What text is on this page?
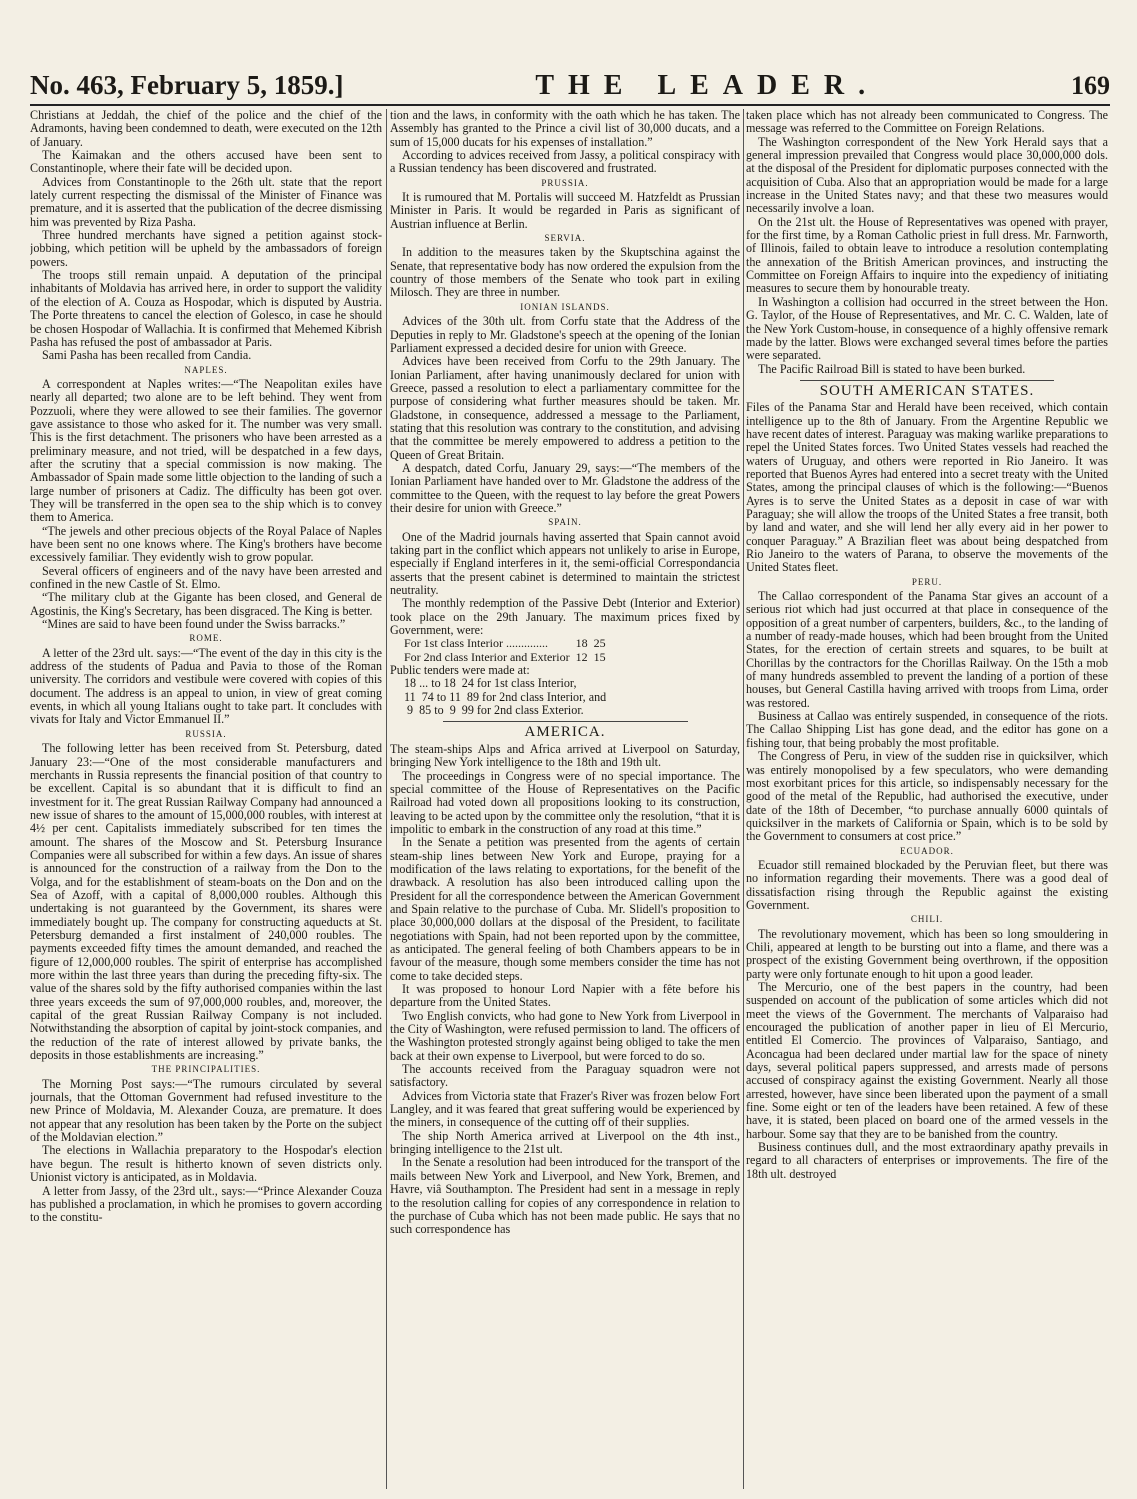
No. 463, February 5, 1859.]	THE LEADER.	169

Christians at Jeddah, the chief of the police and the chief of the Adramonts, having been condemned to death, were executed on the 12th of January.

The Kaimakan and the others accused have been sent to Constantinople, where their fate will be decided upon.

Advices from Constantinople to the 26th ult. state that the report lately current respecting the dismissal of the Minister of Finance was premature, and it is asserted that the publication of the decree dismissing him was prevented by Riza Pasha.

Three hundred merchants have signed a petition against stock-jobbing, which petition will be upheld by the ambassadors of foreign powers.

The troops still remain unpaid. A deputation of the principal inhabitants of Moldavia has arrived here, in order to support the validity of the election of A. Couza as Hospodar, which is disputed by Austria. The Porte threatens to cancel the election of Golesco, in case he should be chosen Hospodar of Wallachia. It is confirmed that Mehemed Kibrish Pasha has refused the post of ambassador at Paris.

Sami Pasha has been recalled from Candia.

NAPLES.

A correspondent at Naples writes:—“The Neapolitan exiles have nearly all departed; two alone are to be left behind. They went from Pozzuoli, where they were allowed to see their families. The governor gave assistance to those who asked for it. The number was very small. This is the first detachment. The prisoners who have been arrested as a preliminary measure, and not tried, will be despatched in a few days, after the scrutiny that a special commission is now making. The Ambassador of Spain made some little objection to the landing of such a large number of prisoners at Cadiz. The difficulty has been got over. They will be transferred in the open sea to the ship which is to convey them to America.

“The jewels and other precious objects of the Royal Palace of Naples have been sent no one knows where. The King's brothers have become excessively familiar. They evidently wish to grow popular.

Several officers of engineers and of the navy have been arrested and confined in the new Castle of St. Elmo.

“The military club at the Gigante has been closed, and General de Agostinis, the King's Secretary, has been disgraced. The King is better.

“Mines are said to have been found under the Swiss barracks.”

ROME.

A letter of the 23rd ult. says:—“The event of the day in this city is the address of the students of Padua and Pavia to those of the Roman university. The corridors and vestibule were covered with copies of this document. The address is an appeal to union, in view of great coming events, in which all young Italians ought to take part. It concludes with vivats for Italy and Victor Emmanuel II.”

RUSSIA.

The following letter has been received from St. Petersburg, dated January 23:—“One of the most considerable manufacturers and merchants in Russia represents the financial position of that country to be excellent. Capital is so abundant that it is difficult to find an investment for it. The great Russian Railway Company had announced a new issue of shares to the amount of 15,000,000 roubles, with interest at 4½ per cent. Capitalists immediately subscribed for ten times the amount. The shares of the Moscow and St. Petersburg Insurance Companies were all subscribed for within a few days. An issue of shares is announced for the construction of a railway from the Don to the Volga, and for the establishment of steam-boats on the Don and on the Sea of Azoff, with a capital of 8,000,000 roubles. Although this undertaking is not guaranteed by the Government, its shares were immediately bought up. The company for constructing aqueducts at St. Petersburg demanded a first instalment of 240,000 roubles. The payments exceeded fifty times the amount demanded, and reached the figure of 12,000,000 roubles. The spirit of enterprise has accomplished more within the last three years than during the preceding fifty-six. The value of the shares sold by the fifty authorised companies within the last three years exceeds the sum of 97,000,000 roubles, and, moreover, the capital of the great Russian Railway Company is not included. Notwithstanding the absorption of capital by joint-stock companies, and the reduction of the rate of interest allowed by private banks, the deposits in those establishments are increasing.”

THE PRINCIPALITIES.

The Morning Post says:—“The rumours circulated by several journals, that the Ottoman Government had refused investiture to the new Prince of Moldavia, M. Alexander Couza, are premature. It does not appear that any resolution has been taken by the Porte on the subject of the Moldavian election.”

The elections in Wallachia preparatory to the Hospodar's election have begun. The result is hitherto known of seven districts only. Unionist victory is anticipated, as in Moldavia.

A letter from Jassy, of the 23rd ult., says:—“Prince Alexander Couza has published a proclamation, in which he promises to govern according to the constitu-

tion and the laws, in conformity with the oath which he has taken. The Assembly has granted to the Prince a civil list of 30,000 ducats, and a sum of 15,000 ducats for his expenses of installation.”

According to advices received from Jassy, a political conspiracy with a Russian tendency has been discovered and frustrated.

PRUSSIA.

It is rumoured that M. Portalis will succeed M. Hatzfeldt as Prussian Minister in Paris. It would be regarded in Paris as significant of Austrian influence at Berlin.

SERVIA.

In addition to the measures taken by the Skuptschina against the Senate, that representative body has now ordered the expulsion from the country of those members of the Senate who took part in exiling Milosch. They are three in number.

IONIAN ISLANDS.

Advices of the 30th ult. from Corfu state that the Address of the Deputies in reply to Mr. Gladstone's speech at the opening of the Ionian Parliament expressed a decided desire for union with Greece.

Advices have been received from Corfu to the 29th January. The Ionian Parliament, after having unanimously declared for union with Greece, passed a resolution to elect a parliamentary committee for the purpose of considering what further measures should be taken. Mr. Gladstone, in consequence, addressed a message to the Parliament, stating that this resolution was contrary to the constitution, and advising that the committee be merely empowered to address a petition to the Queen of Great Britain.

A despatch, dated Corfu, January 29, says:—“The members of the Ionian Parliament have handed over to Mr. Gladstone the address of the committee to the Queen, with the request to lay before the great Powers their desire for union with Greece.”

SPAIN.

One of the Madrid journals having asserted that Spain cannot avoid taking part in the conflict which appears not unlikely to arise in Europe, especially if England interferes in it, the semi-official Correspondancia asserts that the present cabinet is determined to maintain the strictest neutrality.

The monthly redemption of the Passive Debt (Interior and Exterior) took place on the 29th January. The maximum prices fixed by Government, were:

For 1st class Interior ..............	18	25
For 2nd class Interior and Exterior	12	15

Public tenders were made at:

18 ... to 18  24 for 1st class Interior,

11  74 to 11  89 for 2nd class Interior, and

9  85 to  9  99 for 2nd class Exterior.

AMERICA.

The steam-ships Alps and Africa arrived at Liverpool on Saturday, bringing New York intelligence to the 18th and 19th ult.

The proceedings in Congress were of no special importance. The special committee of the House of Representatives on the Pacific Railroad had voted down all propositions looking to its construction, leaving to be acted upon by the committee only the resolution, “that it is impolitic to embark in the construction of any road at this time.”

In the Senate a petition was presented from the agents of certain steam-ship lines between New York and Europe, praying for a modification of the laws relating to exportations, for the benefit of the drawback. A resolution has also been introduced calling upon the President for all the correspondence between the American Government and Spain relative to the purchase of Cuba. Mr. Slidell's proposition to place 30,000,000 dollars at the disposal of the President, to facilitate negotiations with Spain, had not been reported upon by the committee, as anticipated. The general feeling of both Chambers appears to be in favour of the measure, though some members consider the time has not come to take decided steps.

It was proposed to honour Lord Napier with a fête before his departure from the United States.

Two English convicts, who had gone to New York from Liverpool in the City of Washington, were refused permission to land. The officers of the Washington protested strongly against being obliged to take the men back at their own expense to Liverpool, but were forced to do so.

The accounts received from the Paraguay squadron were not satisfactory.

Advices from Victoria state that Frazer's River was frozen below Fort Langley, and it was feared that great suffering would be experienced by the miners, in consequence of the cutting off of their supplies.

The ship North America arrived at Liverpool on the 4th inst., bringing intelligence to the 21st ult.

In the Senate a resolution had been introduced for the transport of the mails between New York and Liverpool, and New York, Bremen, and Havre, viâ Southampton. The President had sent in a message in reply to the resolution calling for copies of any correspondence in relation to the purchase of Cuba which has not been made public. He says that no such correspondence has

taken place which has not already been communicated to Congress. The message was referred to the Committee on Foreign Relations.

The Washington correspondent of the New York Herald says that a general impression prevailed that Congress would place 30,000,000 dols. at the disposal of the President for diplomatic purposes connected with the acquisition of Cuba. Also that an appropriation would be made for a large increase in the United States navy; and that these two measures would necessarily involve a loan.

On the 21st ult. the House of Representatives was opened with prayer, for the first time, by a Roman Catholic priest in full dress. Mr. Farnworth, of Illinois, failed to obtain leave to introduce a resolution contemplating the annexation of the British American provinces, and instructing the Committee on Foreign Affairs to inquire into the expediency of initiating measures to secure them by honourable treaty.

In Washington a collision had occurred in the street between the Hon. G. Taylor, of the House of Representatives, and Mr. C. C. Walden, late of the New York Custom-house, in consequence of a highly offensive remark made by the latter. Blows were exchanged several times before the parties were separated.

The Pacific Railroad Bill is stated to have been burked.

SOUTH AMERICAN STATES.

Files of the Panama Star and Herald have been received, which contain intelligence up to the 8th of January. From the Argentine Republic we have recent dates of interest. Paraguay was making warlike preparations to repel the United States forces. Two United States vessels had reached the waters of Uruguay, and others were reported in Rio Janeiro. It was reported that Buenos Ayres had entered into a secret treaty with the United States, among the principal clauses of which is the following:—“Buenos Ayres is to serve the United States as a deposit in case of war with Paraguay; she will allow the troops of the United States a free transit, both by land and water, and she will lend her ally every aid in her power to conquer Paraguay.” A Brazilian fleet was about being despatched from Rio Janeiro to the waters of Parana, to observe the movements of the United States fleet.

PERU.

The Callao correspondent of the Panama Star gives an account of a serious riot which had just occurred at that place in consequence of the opposition of a great number of carpenters, builders, &c., to the landing of a number of ready-made houses, which had been brought from the United States, for the erection of certain streets and squares, to be built at Chorillas by the contractors for the Chorillas Railway. On the 15th a mob of many hundreds assembled to prevent the landing of a portion of these houses, but General Castilla having arrived with troops from Lima, order was restored.

Business at Callao was entirely suspended, in consequence of the riots. The Callao Shipping List has gone dead, and the editor has gone on a fishing tour, that being probably the most profitable.

The Congress of Peru, in view of the sudden rise in quicksilver, which was entirely monopolised by a few speculators, who were demanding most exorbitant prices for this article, so indispensably necessary for the good of the metal of the Republic, had authorised the executive, under date of the 18th of December, “to purchase annually 6000 quintals of quicksilver in the markets of California or Spain, which is to be sold by the Government to consumers at cost price.”

ECUADOR.

Ecuador still remained blockaded by the Peruvian fleet, but there was no information regarding their movements. There was a good deal of dissatisfaction rising through the Republic against the existing Government.

CHILI.

The revolutionary movement, which has been so long smouldering in Chili, appeared at length to be bursting out into a flame, and there was a prospect of the existing Government being overthrown, if the opposition party were only fortunate enough to hit upon a good leader.

The Mercurio, one of the best papers in the country, had been suspended on account of the publication of some articles which did not meet the views of the Government. The merchants of Valparaiso had encouraged the publication of another paper in lieu of El Mercurio, entitled El Comercio. The provinces of Valparaiso, Santiago, and Aconcagua had been declared under martial law for the space of ninety days, several political papers suppressed, and arrests made of persons accused of conspiracy against the existing Government. Nearly all those arrested, however, have since been liberated upon the payment of a small fine. Some eight or ten of the leaders have been retained. A few of these have, it is stated, been placed on board one of the armed vessels in the harbour. Some say that they are to be banished from the country.

Business continues dull, and the most extraordinary apathy prevails in regard to all characters of enterprises or improvements. The fire of the 18th ult. destroyed
